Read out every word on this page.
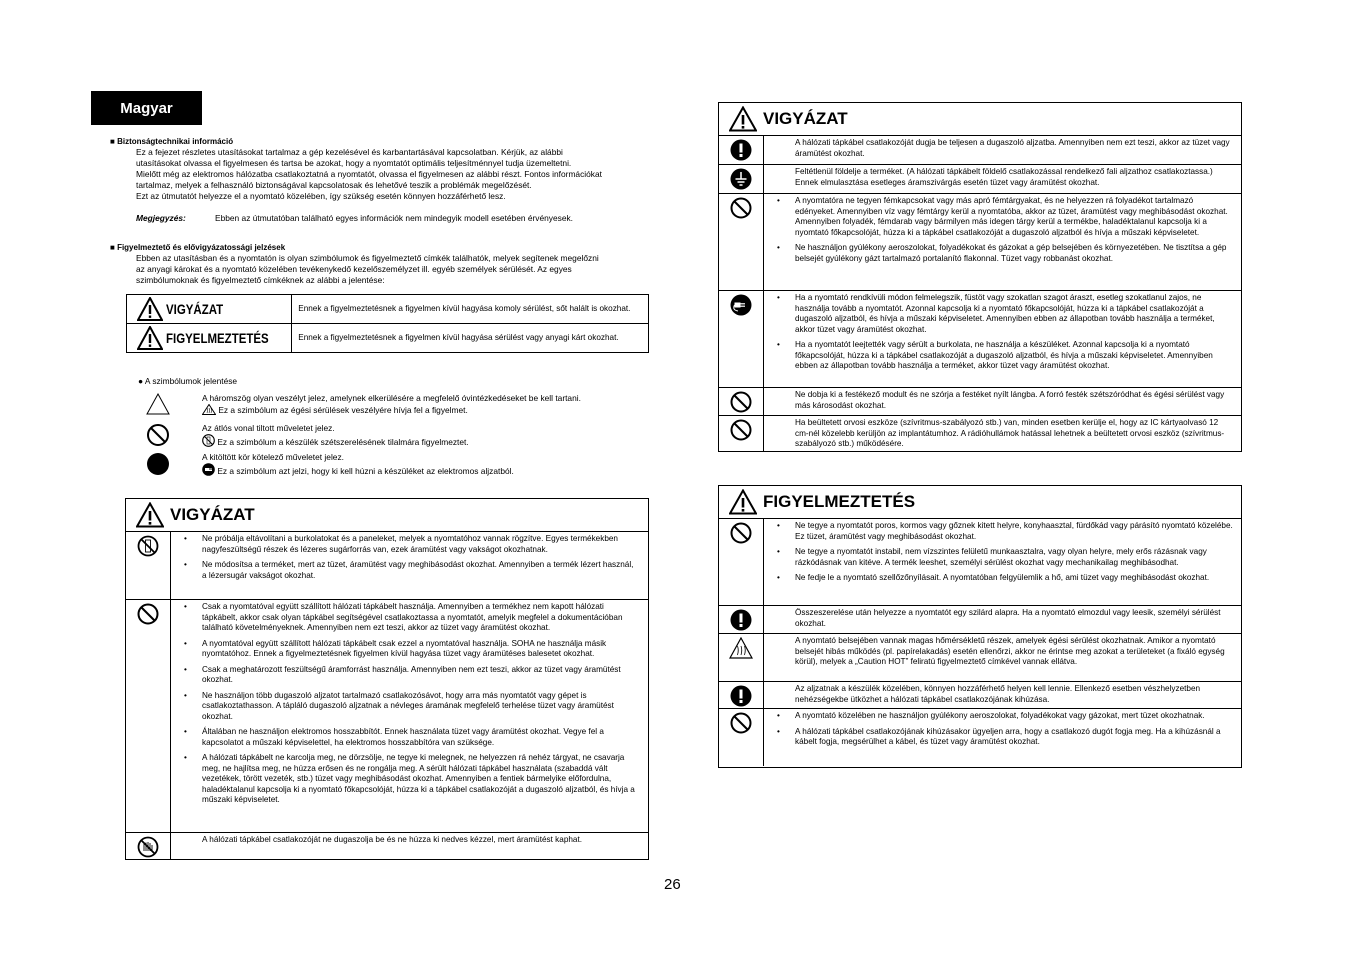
Magyar
■ Biztonságtechnikai információ
Ez a fejezet részletes utasításokat tartalmaz a gép kezelésével és karbantartásával kapcsolatban. Kérjük, az alábbi
utasításokat olvassa el figyelmesen és tartsa be azokat, hogy a nyomtatót optimális teljesítménnyel tudja üzemeltetni.
Mielőtt még az elektromos hálózatba csatlakoztatná a nyomtatót, olvassa el figyelmesen az alábbi részt. Fontos információkat
tartalmaz, melyek a felhasználó biztonságával kapcsolatosak és lehetővé teszik a problémák megelőzését.
Ezt az útmutatót helyezze el a nyomtató közelében, így szükség esetén könnyen hozzáférhető lesz.
Megjegyzés:	Ebben az útmutatóban található egyes információk nem mindegyik modell esetében érvényesek.
■ Figyelmeztető és elővigyázatossági jelzések
Ebben az utasításban és a nyomtatón is olyan szimbólumok és figyelmeztető címkék találhatók, melyek segítenek megelőzni
az anyagi károkat és a nyomtató közelében tevékenykedő kezelőszemélyzet ill. egyéb személyek sérülését. Az egyes
szimbólumoknak és figyelmeztető címkéknek az alábbi a jelentése:
VIGYÁZAT	Ennek a figyelmeztetésnek a figyelmen kívül hagyása komoly sérülést, sőt halált is okozhat.
FIGYELMEZTETÉS	Ennek a figyelmeztetésnek a figyelmen kívül hagyása sérülést vagy anyagi kárt okozhat.
● A szimbólumok jelentése
A háromszög olyan veszélyt jelez, amelynek elkerülésére a megfelelő óvintézkedéseket be kell tartani.
Ez a szimbólum az égési sérülések veszélyére hívja fel a figyelmet.
Az átlós vonal tiltott műveletet jelez.
Ez a szimbólum a készülék szétszerelésének tilalmára figyelmeztet.
A kitöltött kör kötelező műveletet jelez.
Ez a szimbólum azt jelzi, hogy ki kell húzni a készüléket az elektromos aljzatból.
VIGYÁZAT
• Ne próbálja eltávolítani a burkolatokat és a paneleket, melyek a nyomtatóhoz vannak rögzítve. Egyes termékekben nagyfeszültségű részek és lézeres sugárforrás van, ezek áramütést vagy vakságot okozhatnak.
• Ne módosítsa a terméket, mert az tüzet, áramütést vagy meghibásodást okozhat. Amennyiben a termék lézert használ, a lézersugár vakságot okozhat.
• Csak a nyomtatóval együtt szállított hálózati tápkábelt használja. Amennyiben a termékhez nem kapott hálózati tápkábelt, akkor csak olyan tápkábel segítségével csatlakoztassa a nyomtatót, amelyik megfelel a dokumentációban található követelményeknek. Amennyiben nem ezt teszi, akkor az tüzet vagy áramütést okozhat.
• A nyomtatóval együtt szállított hálózati tápkábelt csak ezzel a nyomtatóval használja. SOHA ne használja másik nyomtatóhoz. Ennek a figyelmeztetésnek figyelmen kívül hagyása tüzet vagy áramütéses balesetet okozhat.
• Csak a meghatározott feszültségű áramforrást használja. Amennyiben nem ezt teszi, akkor az tüzet vagy áramütést okozhat.
• Ne használjon több dugaszoló aljzatot tartalmazó csatlakozósávot, hogy arra más nyomtatót vagy gépet is csatlakoztathasson. A tápláló dugaszoló aljzatnak a névleges áramának megfelelő terhelése tüzet vagy áramütést okozhat.
• Általában ne használjon elektromos hosszabbítót. Ennek használata tüzet vagy áramütést okozhat. Vegye fel a kapcsolatot a műszaki képviselettel, ha elektromos hosszabbítóra van szüksége.
• A hálózati tápkábelt ne karcolja meg, ne dörzsölje, ne tegye ki melegnek, ne helyezzen rá nehéz tárgyat, ne csavarja meg, ne hajlítsa meg, ne húzza erősen és ne rongálja meg. A sérült hálózati tápkábel használata (szabaddá vált vezetékek, törött vezeték, stb.) tüzet vagy meghibásodást okozhat. Amennyiben a fentiek bármelyike előfordulna, haladéktalanul kapcsolja ki a nyomtató főkapcsolóját, húzza ki a tápkábel csatlakozóját a dugaszoló aljzatból, és hívja a műszaki képviseletet.
A hálózati tápkábel csatlakozóját ne dugaszolja be és ne húzza ki nedves kézzel, mert áramütést kaphat.
VIGYÁZAT
A hálózati tápkábel csatlakozóját dugja be teljesen a dugaszoló aljzatba. Amennyiben nem ezt teszi, akkor az tüzet vagy áramütést okozhat.
Feltétlenül földelje a terméket. (A hálózati tápkábelt földelő csatlakozással rendelkező fali aljzathoz csatlakoztassa.) Ennek elmulasztása esetleges áramszivárgás esetén tüzet vagy áramütést okozhat.
• A nyomtatóra ne tegyen fémkapcsokat vagy más apró fémtárgyakat, és ne helyezzen rá folyadékot tartalmazó edényeket. Amennyiben víz vagy fémtárgy kerül a nyomtatóba, akkor az tüzet, áramütést vagy meghibásodást okozhat. Amennyiben folyadék, fémdarab vagy bármilyen más idegen tárgy kerül a termékbe, haladéktalanul kapcsolja ki a nyomtató főkapcsolóját, húzza ki a tápkábel csatlakozóját a dugaszoló aljzatból és hívja a műszaki képviseletet.
• Ne használjon gyúlékony aeroszolokat, folyadékokat és gázokat a gép belsejében és környezetében. Ne tisztítsa a gép belsejét gyúlékony gázt tartalmazó portalanító flakonnal. Tüzet vagy robbanást okozhat.
• Ha a nyomtató rendkívüli módon felmelegszik, füstöt vagy szokatlan szagot áraszt, esetleg szokatlanul zajos, ne használja tovább a nyomtatót. Azonnal kapcsolja ki a nyomtató főkapcsolóját, húzza ki a tápkábel csatlakozóját a dugaszoló aljzatból, és hívja a műszaki képviseletet. Amennyiben ebben az állapotban tovább használja a terméket, akkor tüzet vagy áramütést okozhat.
• Ha a nyomtatót leejtették vagy sérült a burkolata, ne használja a készüléket. Azonnal kapcsolja ki a nyomtató főkapcsolóját, húzza ki a tápkábel csatlakozóját a dugaszoló aljzatból, és hívja a műszaki képviseletet. Amennyiben ebben az állapotban tovább használja a terméket, akkor tüzet vagy áramütést okozhat.
Ne dobja ki a festékező modult és ne szórja a festéket nyílt lángba. A forró festék szétszóródhat és égési sérülést vagy más károsodást okozhat.
Ha beültetett orvosi eszköze (szívritmus-szabályozó stb.) van, minden esetben kerülje el, hogy az IC kártyaolvasó 12 cm-nél közelebb kerüljön az implantátumhoz. A rádióhullámok hatással lehetnek a beültetett orvosi eszköz (szívritmus-szabályozó stb.) működésére.
FIGYELMEZTETÉS
• Ne tegye a nyomtatót poros, kormos vagy gőznek kitett helyre, konyhaasztal, fürdőkád vagy párásító nyomtató közelébe. Ez tüzet, áramütést vagy meghibásodást okozhat.
• Ne tegye a nyomtatót instabil, nem vízszintes felületű munkaasztalra, vagy olyan helyre, mely erős rázásnak vagy rázkódásnak van kitéve. A termék leeshet, személyi sérülést okozhat vagy mechanikailag meghibásodhat.
• Ne fedje le a nyomtató szellőzőnyílásait. A nyomtatóban felgyülemlik a hő, ami tüzet vagy meghibásodást okozhat.
Összeszerelése után helyezze a nyomtatót egy szilárd alapra. Ha a nyomtató elmozdul vagy leesik, személyi sérülést okozhat.
A nyomtató belsejében vannak magas hőmérsékletű részek, amelyek égési sérülést okozhatnak. Amikor a nyomtató belsejét hibás működés (pl. papírelakadás) esetén ellenőrzi, akkor ne érintse meg azokat a területeket (a fixáló egység körül), melyek a „Caution HOT” feliratú figyelmeztető címkével vannak ellátva.
Az aljzatnak a készülék közelében, könnyen hozzáférhető helyen kell lennie. Ellenkező esetben vészhelyzetben nehézségekbe ütközhet a hálózati tápkábel csatlakozójának kihúzása.
• A nyomtató közelében ne használjon gyúlékony aeroszolokat, folyadékokat vagy gázokat, mert tüzet okozhatnak.
• A hálózati tápkábel csatlakozójának kihúzásakor ügyeljen arra, hogy a csatlakozó dugót fogja meg. Ha a kihúzásnál a kábelt fogja, megsérülhet a kábel, és tüzet vagy áramütést okozhat.
26
